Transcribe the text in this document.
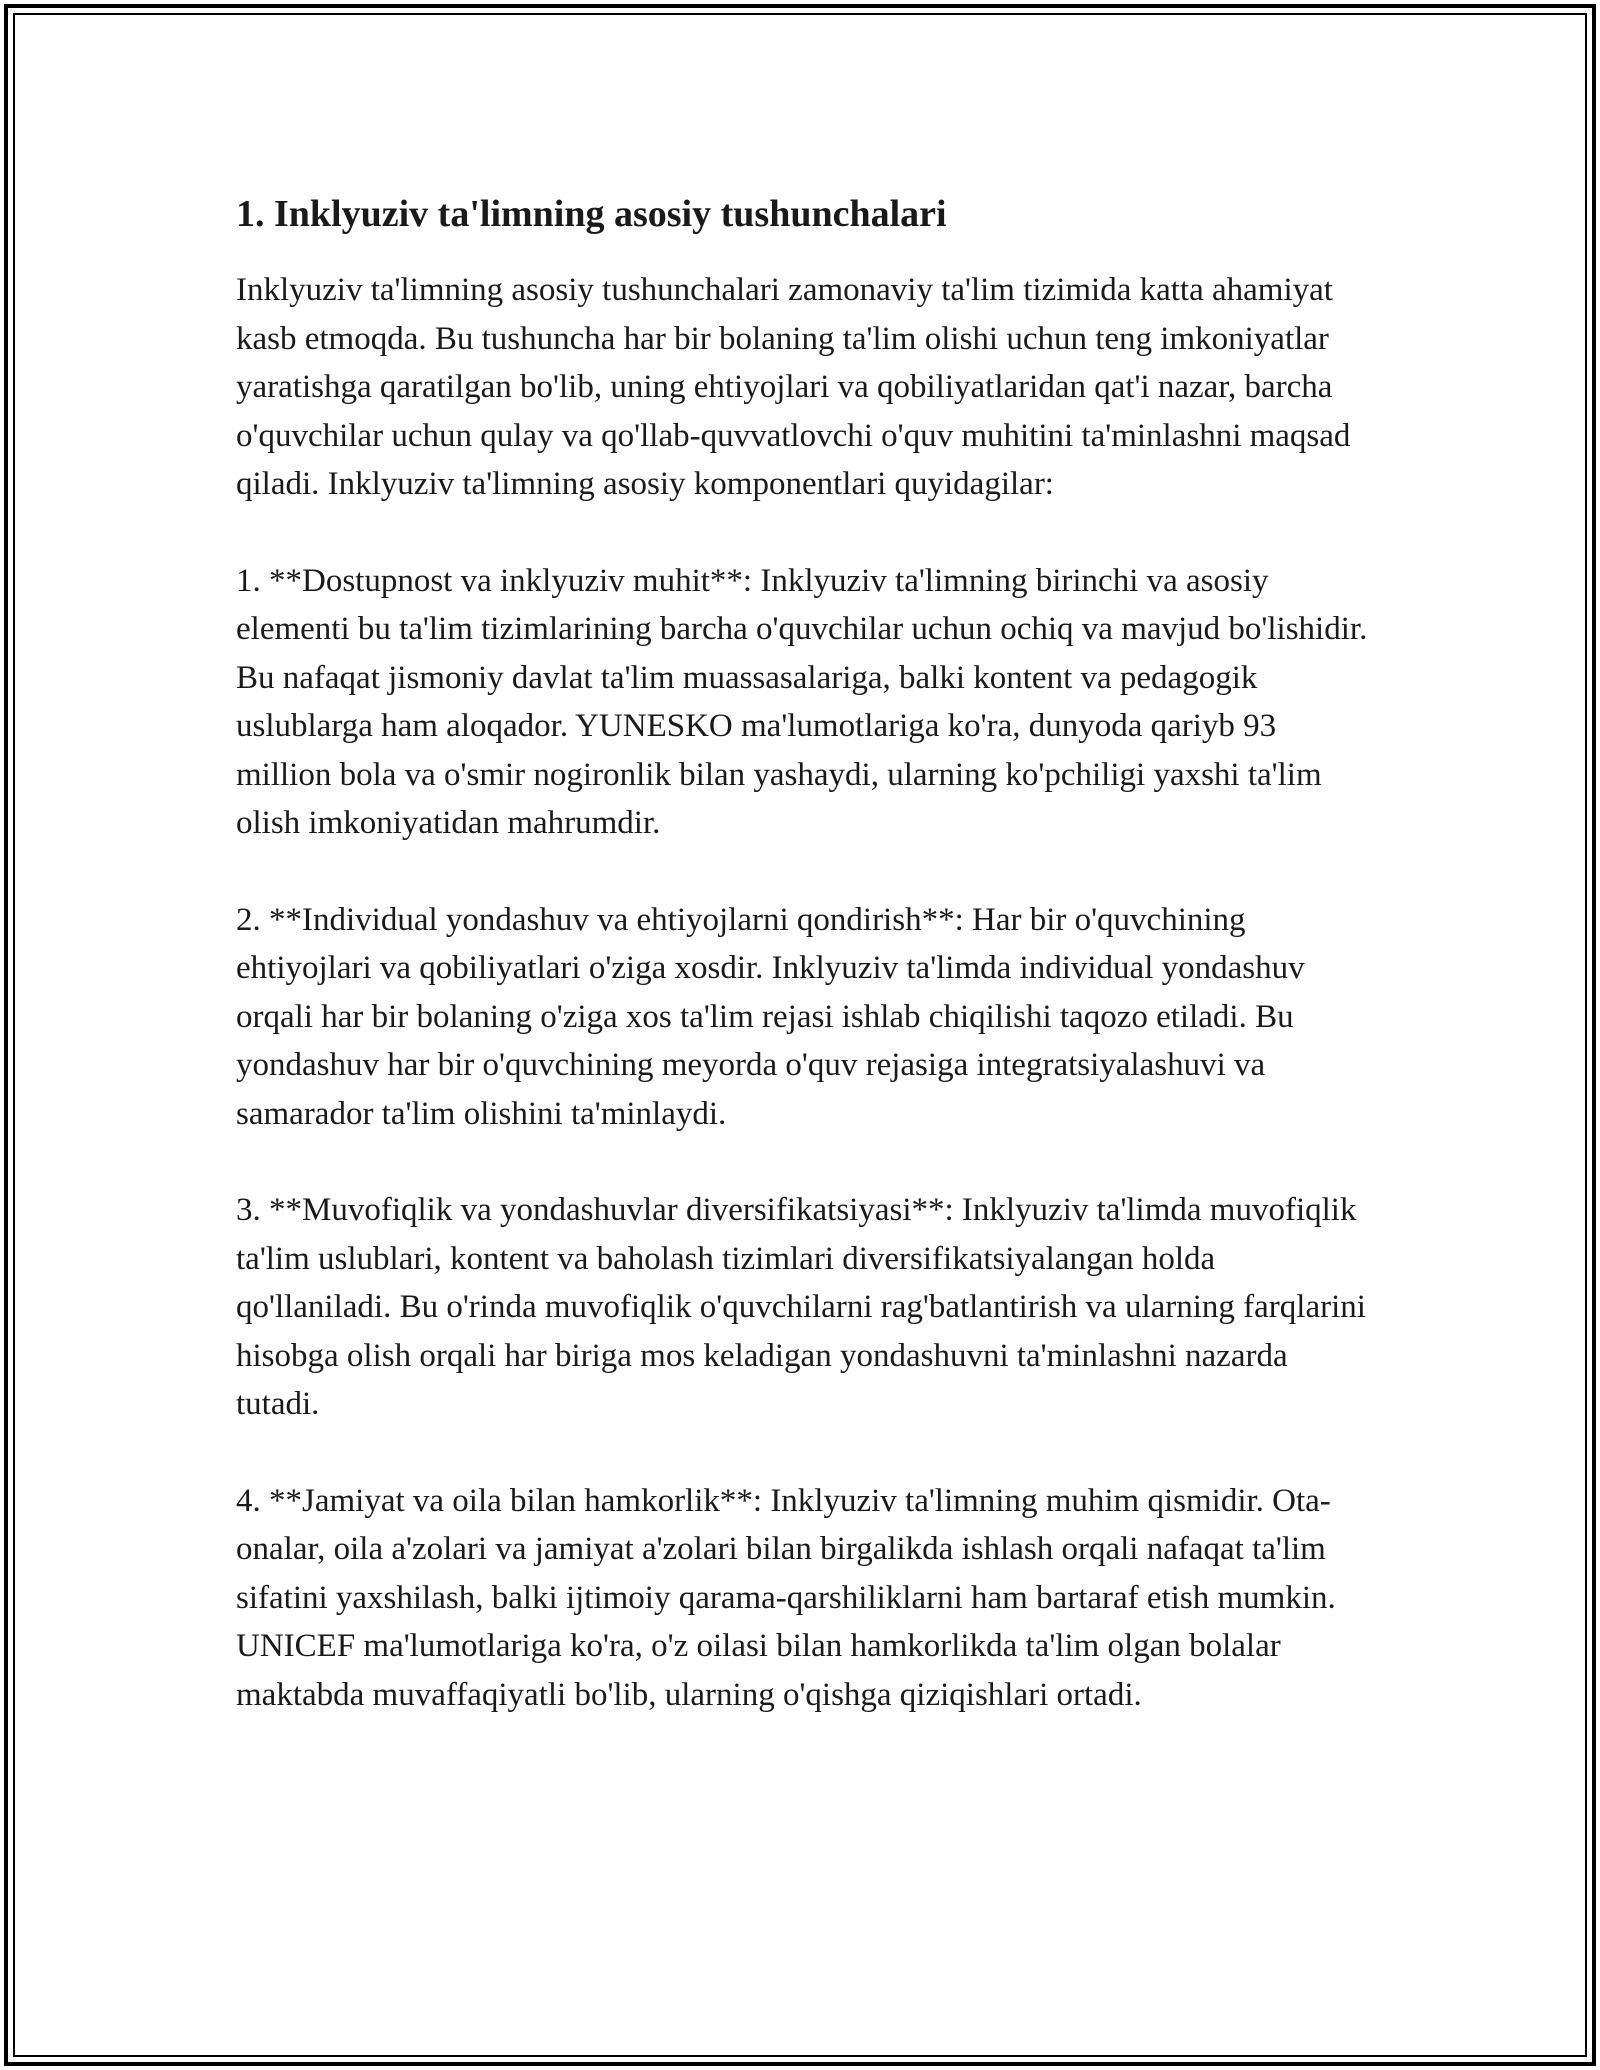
1. Inklyuziv ta'limning asosiy tushunchalari

Inklyuziv ta'limning asosiy tushunchalari zamonaviy ta'lim tizimida katta ahamiyat kasb etmoqda. Bu tushuncha har bir bolaning ta'lim olishi uchun teng imkoniyatlar yaratishga qaratilgan bo'lib, uning ehtiyojlari va qobiliyatlaridan qat'i nazar, barcha o'quvchilar uchun qulay va qo'llab-quvvatlovchi o'quv muhitini ta'minlashni maqsad qiladi. Inklyuziv ta'limning asosiy komponentlari quyidagilar:

1. **Dostupnost va inklyuziv muhit**: Inklyuziv ta'limning birinchi va asosiy elementi bu ta'lim tizimlarining barcha o'quvchilar uchun ochiq va mavjud bo'lishidir. Bu nafaqat jismoniy davlat ta'lim muassasalariga, balki kontent va pedagogik uslublarga ham aloqador. YUNESKO ma'lumotlariga ko'ra, dunyoda qariyb 93 million bola va o'smir nogironlik bilan yashaydi, ularning ko'pchiligi yaxshi ta'lim olish imkoniyatidan mahrumdir.

2. **Individual yondashuv va ehtiyojlarni qondirish**: Har bir o'quvchining ehtiyojlari va qobiliyatlari o'ziga xosdir. Inklyuziv ta'limda individual yondashuv orqali har bir bolaning o'ziga xos ta'lim rejasi ishlab chiqilishi taqozo etiladi. Bu yondashuv har bir o'quvchining meyorda o'quv rejasiga integratsiyalashuvi va samarador ta'lim olishini ta'minlaydi.

3. **Muvofiqlik va yondashuvlar diversifikatsiyasi**: Inklyuziv ta'limda muvofiqlik ta'lim uslublari, kontent va baholash tizimlari diversifikatsiyalangan holda qo'llaniladi. Bu o'rinda muvofiqlik o'quvchilarni rag'batlantirish va ularning farqlarini hisobga olish orqali har biriga mos keladigan yondashuvni ta'minlashni nazarda tutadi.

4. **Jamiyat va oila bilan hamkorlik**: Inklyuziv ta'limning muhim qismidir. Ota-onalar, oila a'zolari va jamiyat a'zolari bilan birgalikda ishlash orqali nafaqat ta'lim sifatini yaxshilash, balki ijtimoiy qarama-qarshiliklarni ham bartaraf etish mumkin. UNICEF ma'lumotlariga ko'ra, o'z oilasi bilan hamkorlikda ta'lim olgan bolalar maktabda muvaffaqiyatli bo'lib, ularning o'qishga qiziqishlari ortadi.
